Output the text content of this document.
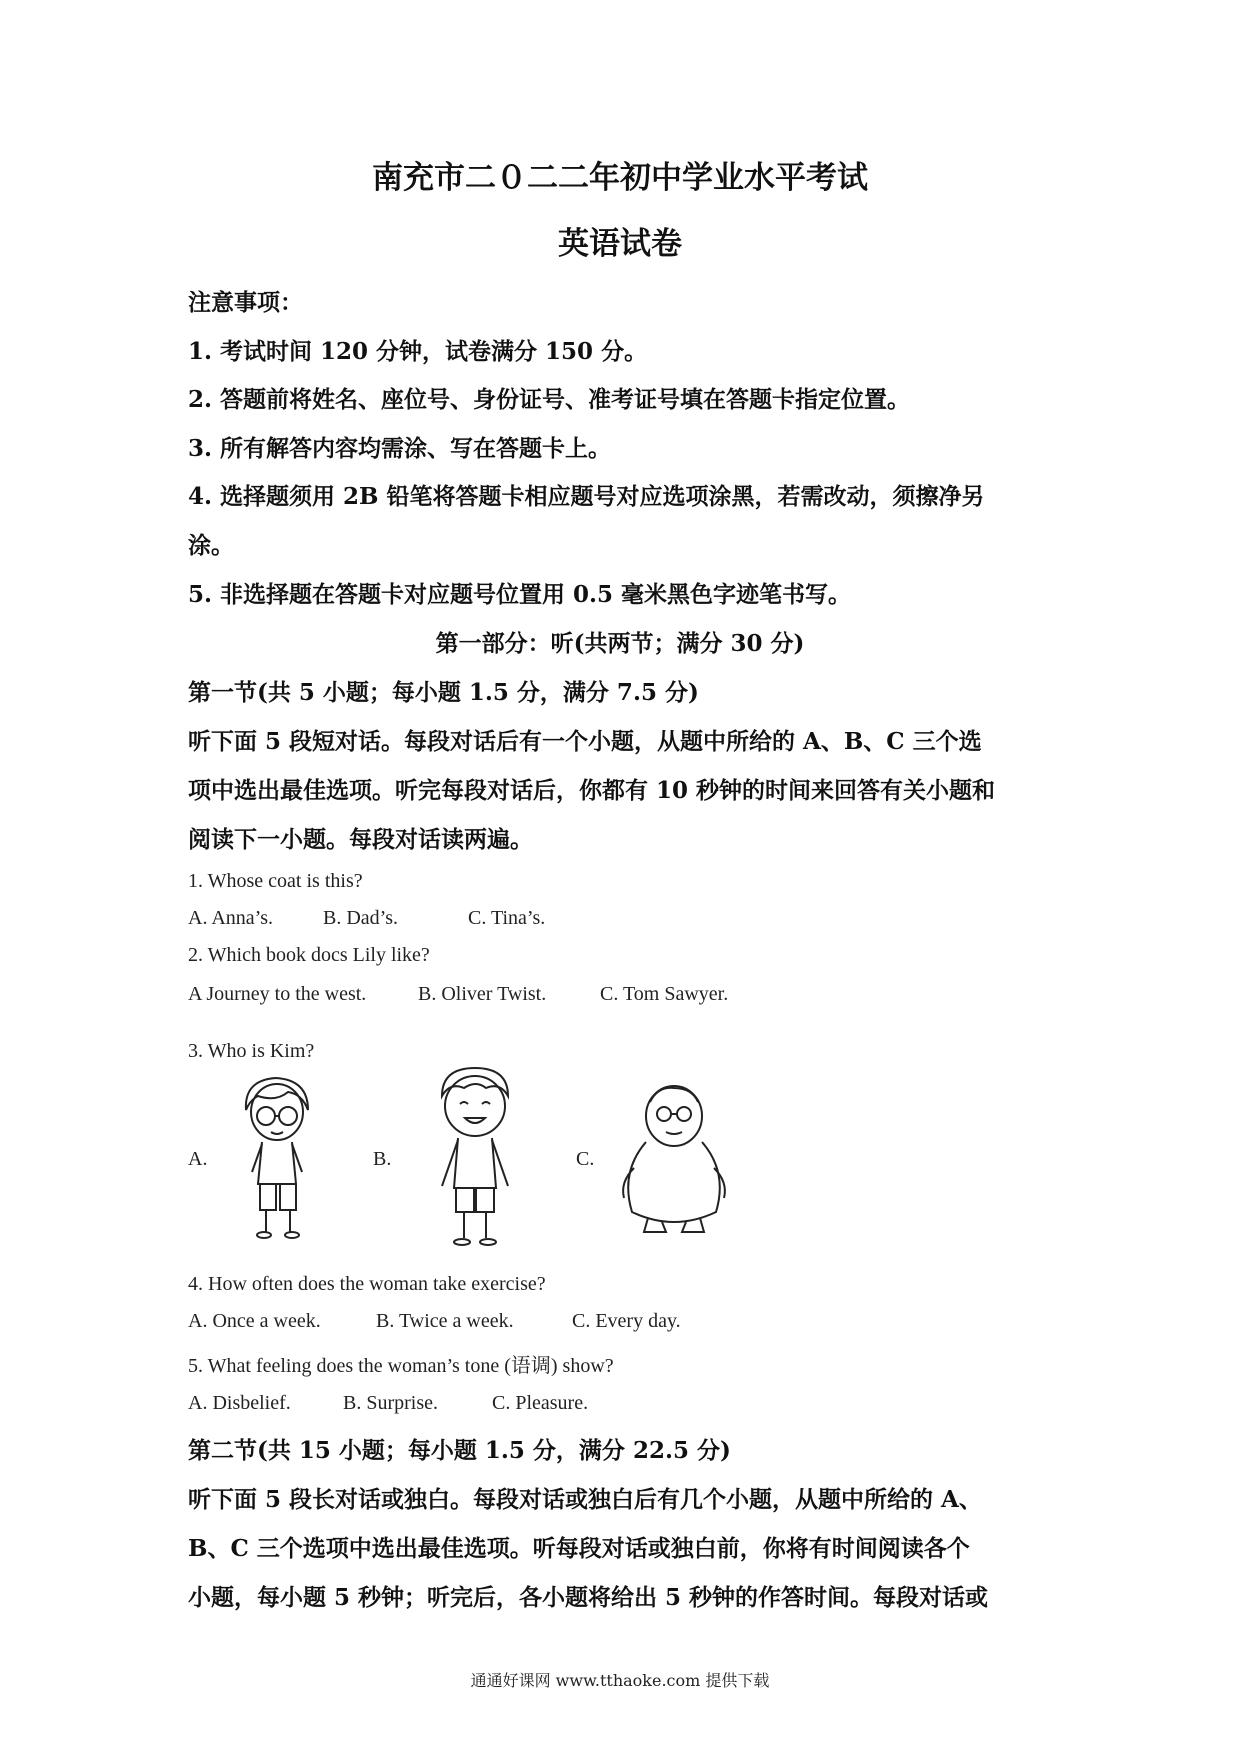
南充市二０二二年初中学业水平考试
英语试卷
注意事项：
1. 考试时间 120 分钟，试卷满分 150 分。
2. 答题前将姓名、座位号、身份证号、准考证号填在答题卡指定位置。
3. 所有解答内容均需涂、写在答题卡上。
4. 选择题须用 2B 铅笔将答题卡相应题号对应选项涂黑，若需改动，须擦净另
涂。
5. 非选择题在答题卡对应题号位置用 0.5 毫米黑色字迹笔书写。
第一部分：听(共两节；满分 30 分)
第一节(共 5 小题；每小题 1.5 分，满分 7.5 分)
听下面 5 段短对话。每段对话后有一个小题，从题中所给的 A、B、C 三个选
项中选出最佳选项。听完每段对话后，你都有 10 秒钟的时间来回答有关小题和
阅读下一小题。每段对话读两遍。
1. Whose coat is this?
A. Anna’s.	B. Dad’s.	C. Tina’s.
2. Which book docs Lily like?
A Journey to the west.	B. Oliver Twist.	C. Tom Sawyer.
3. Who is Kim?
A.	B.	C.
4. How often does the woman take exercise?
A. Once a week.	B. Twice a week.	C. Every day.
5. What feeling does the woman’s tone (语调) show?
A. Disbelief.	B. Surprise.	C. Pleasure.
第二节(共 15 小题；每小题 1.5 分，满分 22.5 分)
听下面 5 段长对话或独白。每段对话或独白后有几个小题，从题中所给的 A、
B、C 三个选项中选出最佳选项。听每段对话或独白前，你将有时间阅读各个
小题，每小题 5 秒钟；听完后，各小题将给出 5 秒钟的作答时间。每段对话或
通通好课网 www.tthaoke.com 提供下载
